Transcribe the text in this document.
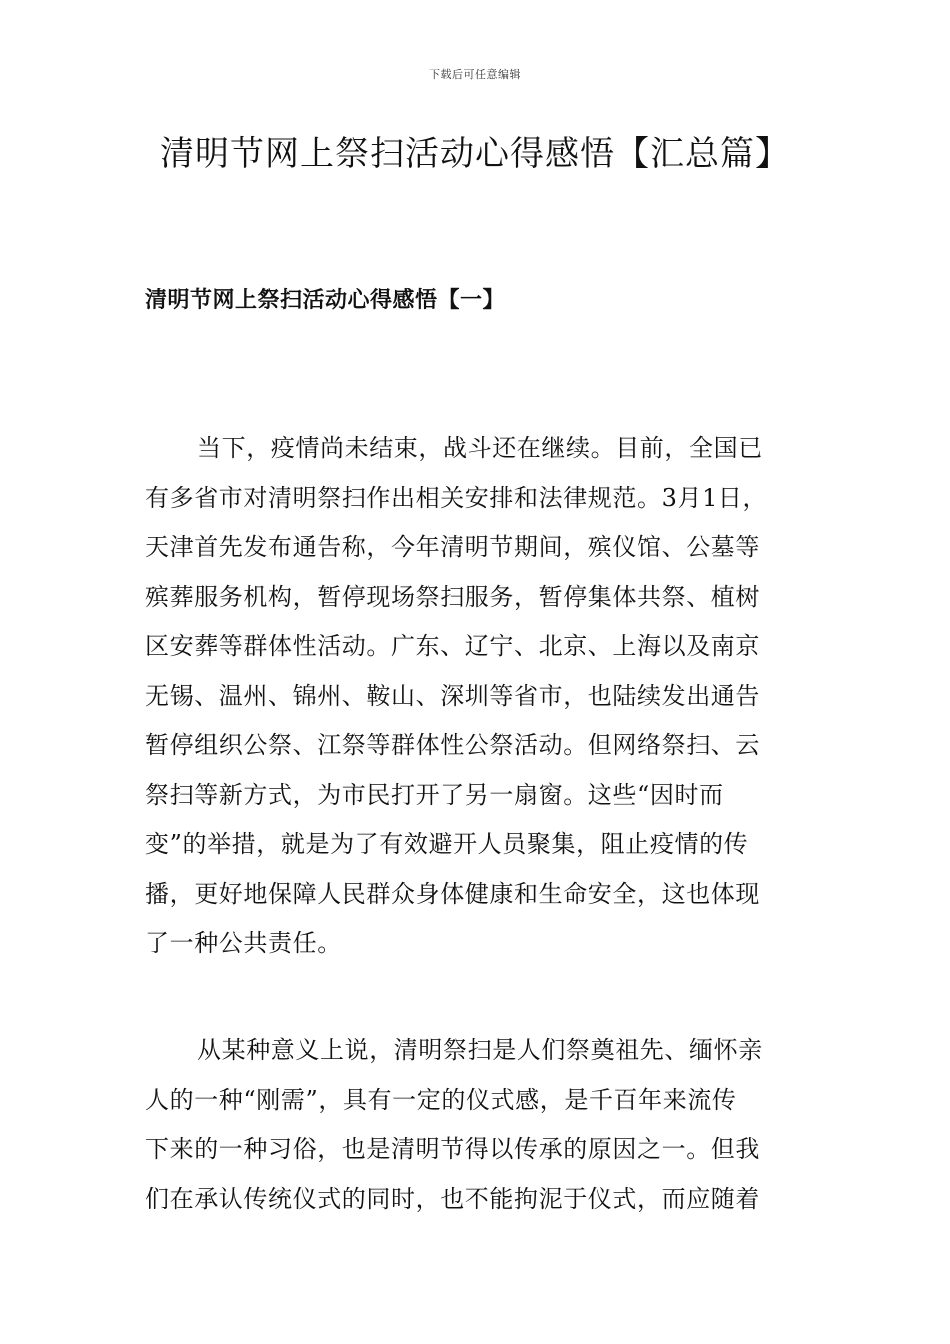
下载后可任意编辑
清明节网上祭扫活动心得感悟【汇总篇】
清明节网上祭扫活动心得感悟【一】
当下，疫情尚未结束，战斗还在继续。目前，全国已
有多省市对清明祭扫作出相关安排和法律规范。3月1日，
天津首先发布通告称，今年清明节期间，殡仪馆、公墓等
殡葬服务机构，暂停现场祭扫服务，暂停集体共祭、植树
区安葬等群体性活动。广东、辽宁、北京、上海以及南京
无锡、温州、锦州、鞍山、深圳等省市，也陆续发出通告
暂停组织公祭、江祭等群体性公祭活动。但网络祭扫、云
祭扫等新方式，为市民打开了另一扇窗。这些“因时而
变”的举措，就是为了有效避开人员聚集，阻止疫情的传
播，更好地保障人民群众身体健康和生命安全，这也体现
了一种公共责任。
从某种意义上说，清明祭扫是人们祭奠祖先、缅怀亲
人的一种“刚需”，具有一定的仪式感，是千百年来流传
下来的一种习俗，也是清明节得以传承的原因之一。但我
们在承认传统仪式的同时，也不能拘泥于仪式，而应随着
